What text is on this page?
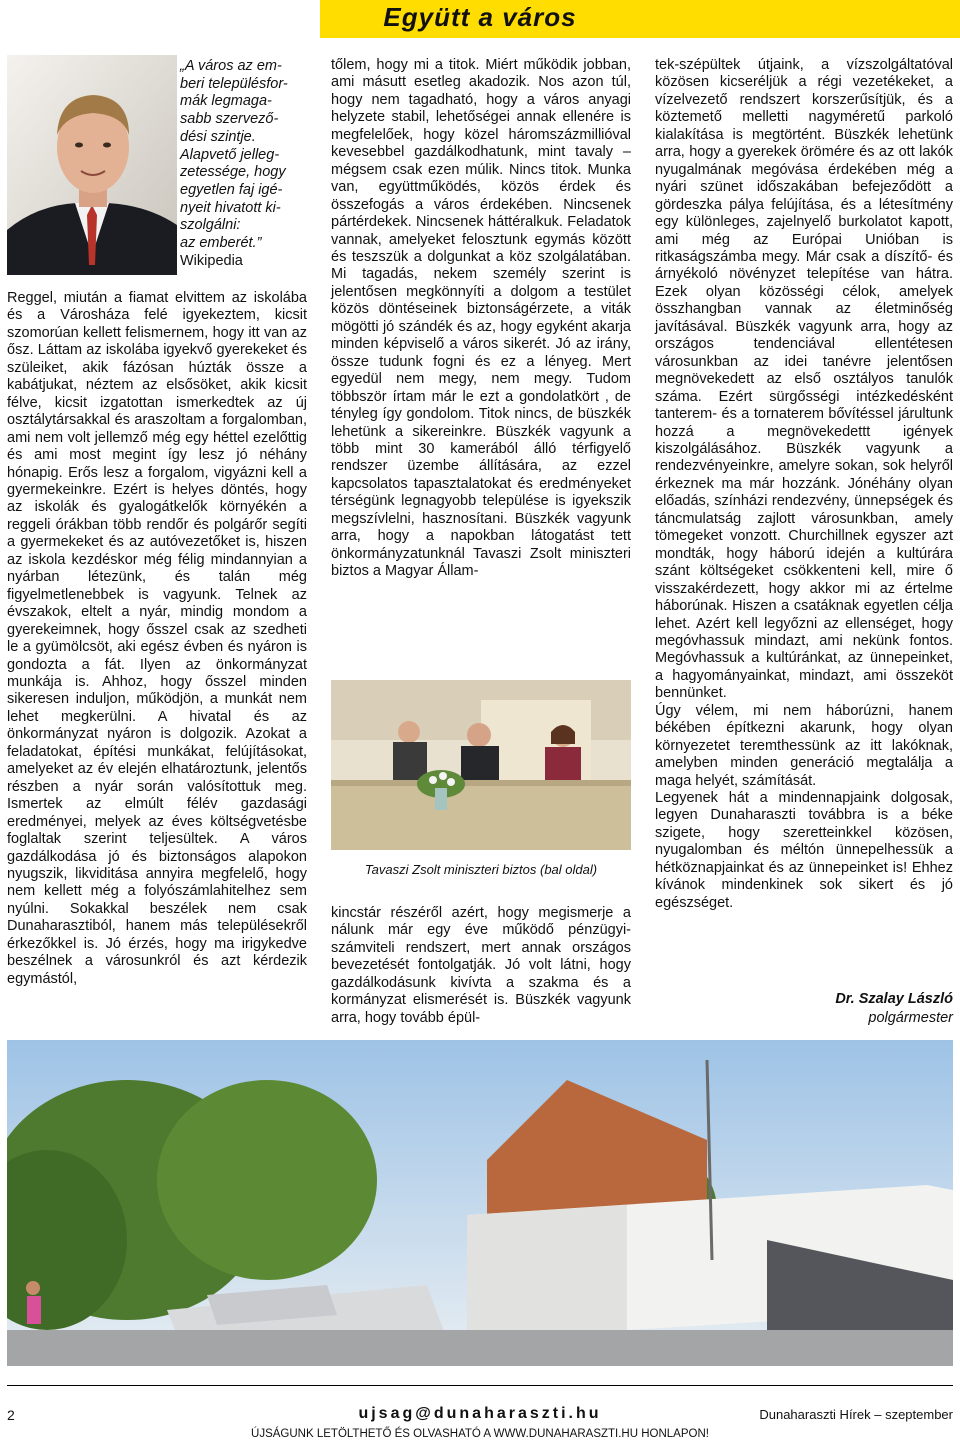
Együtt a város
„A város az em-
beri településfor-
mák legmaga-
sabb szervező-
dési szintje.
Alapvető jelleg-
zetessége, hogy
egyetlen faj igé-
nyeit hivatott ki-
szolgálni:
az emberét.”
Wikipedia

Reggel, miután a fiamat elvittem az iskolába és a Városháza felé igyekeztem, kicsit szomorúan kellett felismernem, hogy itt van az ősz. Láttam az iskolába igyekvő gyerekeket és szüleiket, akik fázósan húzták össze a kabátjukat, néztem az elsősöket, akik kicsit félve, kicsit izgatottan ismerkedtek az új osztálytársakkal és araszoltam a forgalomban, ami nem volt jellemző még egy héttel ezelőttig és ami most megint így lesz jó néhány hónapig. Erős lesz a forgalom, vigyázni kell a gyermekeinkre. Ezért is helyes döntés, hogy az iskolák és gyalogátkelők környékén a reggeli órákban több rendőr és polgárőr segíti a gyermekeket és az autóvezetőket is, hiszen az iskola kezdéskor még félig mindannyian a nyárban létezünk, és talán még figyelmetlenebbek is vagyunk. Telnek az évszakok, eltelt a nyár, mindig mondom a gyerekeimnek, hogy ősszel csak az szedheti le a gyümölcsöt, aki egész évben és nyáron is gondozta a fát. Ilyen az önkormányzat munkája is. Ahhoz, hogy ősszel minden sikeresen induljon, működjön, a munkát nem lehet megkerülni. A hivatal és az önkormányzat nyáron is dolgozik. Azokat a feladatokat, építési munkákat, felújításokat, amelyeket az év elején elhatároztunk, jelentős részben a nyár során valósítottuk meg. Ismertek az elmúlt félév gazdasági eredményei, melyek az éves költségvetésbe foglaltak szerint teljesültek. A város gazdálkodása jó és biztonságos alapokon nyugszik, likviditása annyira megfelelő, hogy nem kellett még a folyószámlahitelhez sem nyúlni. Sokakkal beszélek nem csak Dunaharasztiból, hanem más településekről érkezőkkel is. Jó érzés, hogy ma irigykedve beszélnek a városunkról és azt kérdezik egymástól,

tőlem, hogy mi a titok. Miért működik jobban, ami másutt esetleg akadozik. Nos azon túl, hogy nem tagadható, hogy a város anyagi helyzete stabil, lehetőségei annak ellenére is megfelelőek, hogy közel háromszázmillióval kevesebbel gazdálkodhatunk, mint tavaly – mégsem csak ezen múlik. Nincs titok. Munka van, együttműködés, közös érdek és összefogás a város érdekében. Nincsenek pártérdekek. Nincsenek háttéralkuk. Feladatok vannak, amelyeket felosztunk egymás között és teszszük a dolgunkat a köz szolgálatában. Mi tagadás, nekem személy szerint is jelentősen megkönnyíti a dolgom a testület közös döntéseinek biztonságérzete, a viták mögötti jó szándék és az, hogy egyként akarja minden képviselő a város sikerét. Jó az irány, össze tudunk fogni és ez a lényeg. Mert egyedül nem megy, nem megy. Tudom többször írtam már le ezt a gondolatkört , de tényleg így gondolom. Titok nincs, de büszkék lehetünk a sikereinkre. Büszkék vagyunk a több mint 30 kamerából álló térfigyelő rendszer üzembe állítására, az ezzel kapcsolatos tapasztalatokat és eredményeket térségünk legnagyobb települése is igyekszik megszívlelni, hasznosítani. Büszkék vagyunk arra, hogy a napokban látogatást tett önkormányzatunknál Tavaszi Zsolt miniszteri biztos a Magyar Állam-

Tavaszi Zsolt miniszteri biztos (bal oldal)

kincstár részéről azért, hogy megismerje a nálunk már egy éve működő pénzügyi-számviteli rendszert, mert annak országos bevezetését fontolgatják. Jó volt látni, hogy gazdálkodásunk kivívta a szakma és a kormányzat elismerését is. Büszkék vagyunk arra, hogy tovább épül-

tek-szépültek útjaink, a vízszolgáltatóval közösen kicseréljük a régi vezetékeket, a vízelvezető rendszert korszerűsítjük, és a köztemető melletti nagyméretű parkoló kialakítása is megtörtént. Büszkék lehetünk arra, hogy a gyerekek örömére és az ott lakók nyugalmának megóvása érdekében még a nyári szünet időszakában befejeződött a gördeszka pálya felújítása, és a létesítmény egy különleges, zajelnyelő burkolatot kapott, ami még az Európai Unióban is ritkaságszámba megy. Már csak a díszítő- és árnyékoló növényzet telepítése van hátra. Ezek olyan közösségi célok, amelyek összhangban vannak az életminőség javításával. Büszkék vagyunk arra, hogy az országos tendenciával ellentétesen városunkban az idei tanévre jelentősen megnövekedett az első osztályos tanulók száma. Ezért sürgősségi intézkedésként tanterem- és a tornaterem bővítéssel járultunk hozzá a megnövekedettt igények kiszolgálásához. Büszkék vagyunk a rendezvényeinkre, amelyre sokan, sok helyről érkeznek ma már hozzánk. Jónéhány olyan előadás, színházi rendezvény, ünnepségek és táncmulatság zajlott városunkban, amely tömegeket vonzott. Churchillnek egyszer azt mondták, hogy háború idején a kultúrára szánt költségeket csökkenteni kell, mire ő visszakérdezett, hogy akkor mi az értelme háborúnak. Hiszen a csatáknak egyetlen célja lehet. Azért kell legyőzni az ellenséget, hogy megóvhassuk mindazt, ami nekünk fontos. Megóvhassuk a kultúránkat, az ünnepeinket, a hagyományainkat, mindazt, ami összeköt bennünket.

Úgy vélem, mi nem háborúzni, hanem békében építkezni akarunk, hogy olyan környezetet teremthessünk az itt lakóknak, amelyben minden generáció megtalálja a maga helyét, számítását.

Legyenek hát a mindennapjaink dolgosak, legyen Dunaharaszti továbbra is a béke szigete, hogy szeretteinkkel közösen, nyugalomban és méltón ünnepelhessük a hétköznapjainkat és az ünnepeinket is! Ehhez kívánok mindenkinek sok sikert és jó egészséget.

Dr. Szalay László
polgármester
2	ujsag@dunaharaszti.hu	Dunaharaszti Hírek – szeptember
ÚJSÁGUNK LETÖLTHETŐ ÉS OLVASHATÓ A WWW.DUNAHARASZTI.HU HONLAPON!
